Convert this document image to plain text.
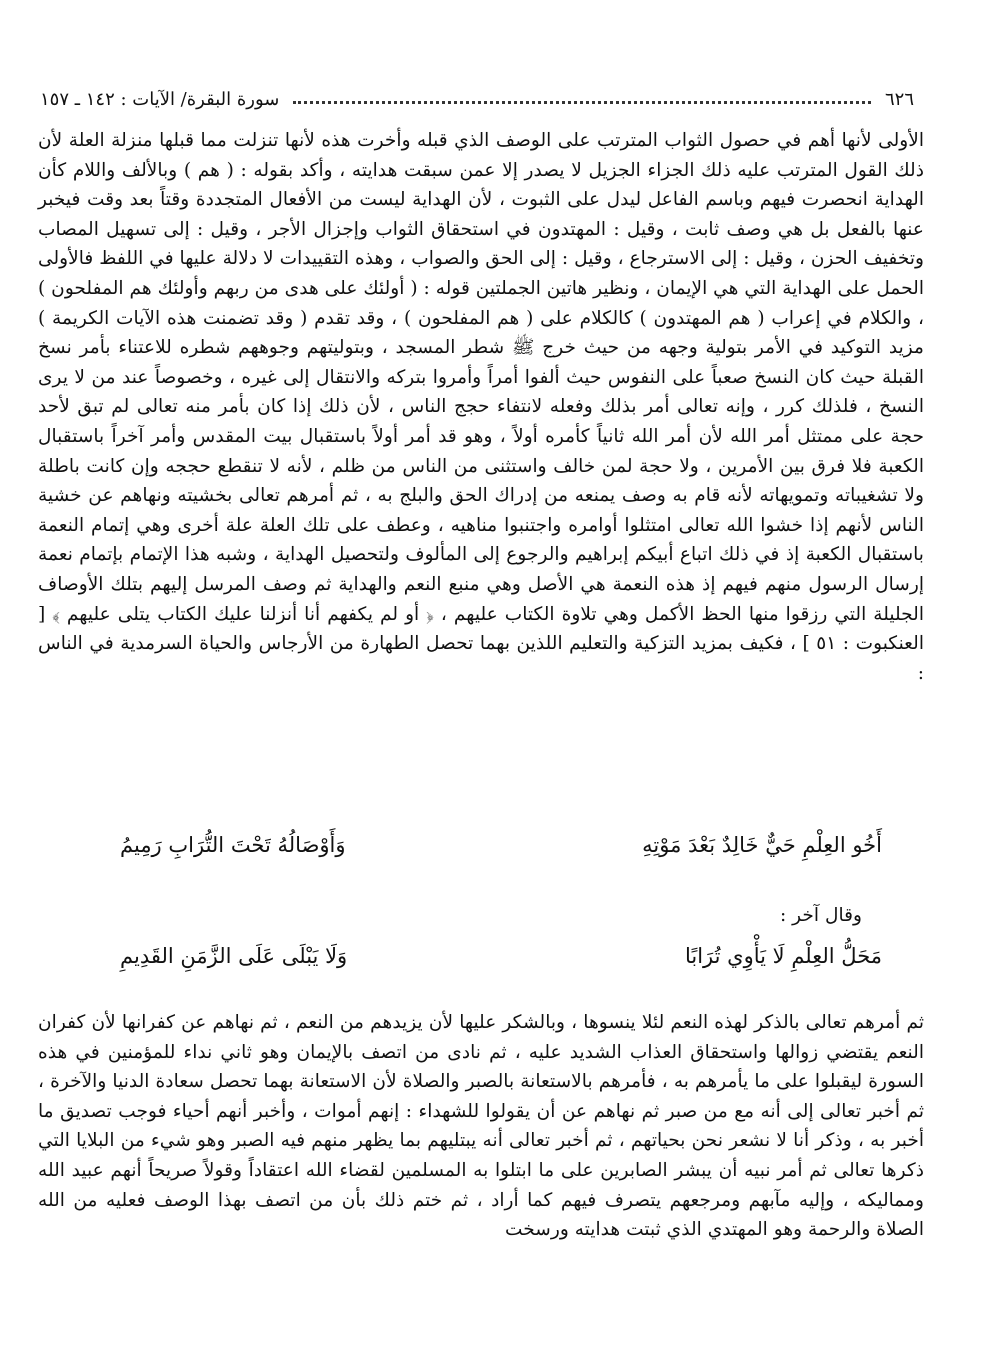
٦٢٦
سورة البقرة/ الآيات : ١٤٢ ـ ١٥٧
الأولى لأنها أهم في حصول الثواب المترتب على الوصف الذي قبله وأخرت هذه لأنها تنزلت مما قبلها منزلة العلة لأن ذلك القول المترتب عليه ذلك الجزاء الجزيل لا يصدر إلا عمن سبقت هدايته ، وأكد بقوله : ( هم ) وبالألف واللام كأن الهداية انحصرت فيهم وباسم الفاعل ليدل على الثبوت ، لأن الهداية ليست من الأفعال المتجددة وقتاً بعد وقت فيخبر عنها بالفعل بل هي وصف ثابت ، وقيل : المهتدون في استحقاق الثواب وإجزال الأجر ، وقيل : إلى تسهيل المصاب وتخفيف الحزن ، وقيل : إلى الاسترجاع ، وقيل : إلى الحق والصواب ، وهذه التقييدات لا دلالة عليها في اللفظ فالأولى الحمل على الهداية التي هي الإيمان ، ونظير هاتين الجملتين قوله : ( أولئك على هدى من ربهم وأولئك هم المفلحون ) ، والكلام في إعراب ( هم المهتدون ) كالكلام على ( هم المفلحون ) ، وقد تقدم ( وقد تضمنت هذه الآيات الكريمة ) مزيد التوكيد في الأمر بتولية وجهه من حيث خرج ﷺ شطر المسجد ، وبتوليتهم وجوههم شطره للاعتناء بأمر نسخ القبلة حيث كان النسخ صعباً على النفوس حيث ألفوا أمراً وأمروا بتركه والانتقال إلى غيره ، وخصوصاً عند من لا يرى النسخ ، فلذلك كرر ، وإنه تعالى أمر بذلك وفعله لانتفاء حجج الناس ، لأن ذلك إذا كان بأمر منه تعالى لم تبق لأحد حجة على ممتثل أمر الله لأن أمر الله ثانياً كأمره أولاً ، وهو قد أمر أولاً باستقبال بيت المقدس وأمر آخراً باستقبال الكعبة فلا فرق بين الأمرين ، ولا حجة لمن خالف واستثنى من الناس من ظلم ، لأنه لا تنقطع حججه وإن كانت باطلة ولا تشغيباته وتمويهاته لأنه قام به وصف يمنعه من إدراك الحق والبلج به ، ثم أمرهم تعالى بخشيته ونهاهم عن خشية الناس لأنهم إذا خشوا الله تعالى امتثلوا أوامره واجتنبوا مناهيه ، وعطف على تلك العلة علة أخرى وهي إتمام النعمة باستقبال الكعبة إذ في ذلك اتباع أبيكم إبراهيم والرجوع إلى المألوف ولتحصيل الهداية ، وشبه هذا الإتمام بإتمام نعمة إرسال الرسول منهم فيهم إذ هذه النعمة هي الأصل وهي منبع النعم والهداية ثم وصف المرسل إليهم بتلك الأوصاف الجليلة التي رزقوا منها الحظ الأكمل وهي تلاوة الكتاب عليهم ، ﴿ أو لم يكفهم أنا أنزلنا عليك الكتاب يتلى عليهم ﴾ [ العنكبوت : ٥١ ] ، فكيف بمزيد التزكية والتعليم اللذين بهما تحصل الطهارة من الأرجاس والحياة السرمدية في الناس :
أَخُو العِلْمِ حَيٌّ خَالِدٌ بَعْدَ مَوْتِهِ
وَأَوْصَالُهُ تَحْتَ التُّرَابِ رَمِيمُ
وقال آخر :
مَحَلُّ العِلْمِ لَا يَأْوِي تُرَابًا
وَلَا يَبْلَى عَلَى الزَّمَنِ القَدِيمِ
ثم أمرهم تعالى بالذكر لهذه النعم لئلا ينسوها ، وبالشكر عليها لأن يزيدهم من النعم ، ثم نهاهم عن كفرانها لأن كفران النعم يقتضي زوالها واستحقاق العذاب الشديد عليه ، ثم نادى من اتصف بالإيمان وهو ثاني نداء للمؤمنين في هذه السورة ليقبلوا على ما يأمرهم به ، فأمرهم بالاستعانة بالصبر والصلاة لأن الاستعانة بهما تحصل سعادة الدنيا والآخرة ، ثم أخبر تعالى إلى أنه مع من صبر ثم نهاهم عن أن يقولوا للشهداء : إنهم أموات ، وأخبر أنهم أحياء فوجب تصديق ما أخبر به ، وذكر أنا لا نشعر نحن بحياتهم ، ثم أخبر تعالى أنه يبتليهم بما يظهر منهم فيه الصبر وهو شيء من البلايا التي ذكرها تعالى ثم أمر نبيه أن يبشر الصابرين على ما ابتلوا به المسلمين لقضاء الله اعتقاداً وقولاً صريحاً أنهم عبيد الله ومماليكه ، وإليه مآبهم ومرجعهم يتصرف فيهم كما أراد ، ثم ختم ذلك بأن من اتصف بهذا الوصف فعليه من الله الصلاة والرحمة وهو المهتدي الذي ثبتت هدايته ورسخت
